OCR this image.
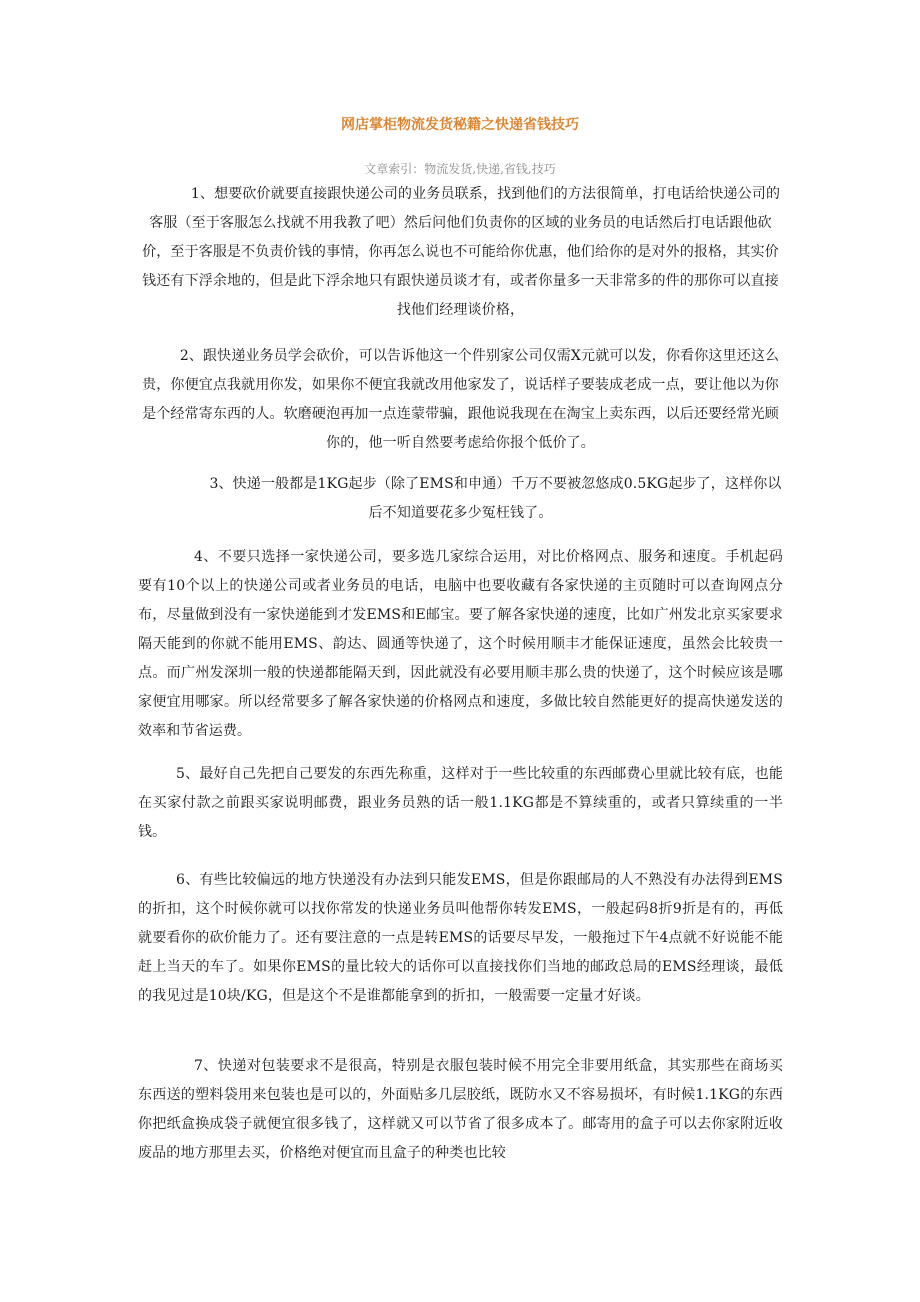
网店掌柜物流发货秘籍之快递省钱技巧
文章索引：物流发货,快递,省钱,技巧

1、想要砍价就要直接跟快递公司的业务员联系，找到他们的方法很简单，打电话给快递公司的客服（至于客服怎么找就不用我教了吧）然后问他们负责你的区域的业务员的电话然后打电话跟他砍价，至于客服是不负责价钱的事情，你再怎么说也不可能给你优惠，他们给你的是对外的报格，其实价钱还有下浮余地的，但是此下浮余地只有跟快递员谈才有，或者你量多一天非常多的件的那你可以直接找他们经理谈价格，

2、跟快递业务员学会砍价，可以告诉他这一个件别家公司仅需X元就可以发，你看你这里还这么贵，你便宜点我就用你发，如果你不便宜我就改用他家发了，说话样子要装成老成一点，要让他以为你是个经常寄东西的人。软磨硬泡再加一点连蒙带骗，跟他说我现在在淘宝上卖东西，以后还要经常光顾你的，他一听自然要考虑给你报个低价了。

3、快递一般都是1KG起步（除了EMS和申通）千万不要被忽悠成0.5KG起步了，这样你以后不知道要花多少冤枉钱了。

4、不要只选择一家快递公司，要多选几家综合运用，对比价格网点、服务和速度。手机起码要有10个以上的快递公司或者业务员的电话，电脑中也要收藏有各家快递的主页随时可以查询网点分布，尽量做到没有一家快递能到才发EMS和E邮宝。要了解各家快递的速度，比如广州发北京买家要求隔天能到的你就不能用EMS、韵达、圆通等快递了，这个时候用顺丰才能保证速度，虽然会比较贵一点。而广州发深圳一般的快递都能隔天到，因此就没有必要用顺丰那么贵的快递了，这个时候应该是哪家便宜用哪家。所以经常要多了解各家快递的价格网点和速度，多做比较自然能更好的提高快递发送的效率和节省运费。

5、最好自己先把自己要发的东西先称重，这样对于一些比较重的东西邮费心里就比较有底，也能在买家付款之前跟买家说明邮费，跟业务员熟的话一般1.1KG都是不算续重的，或者只算续重的一半钱。

6、有些比较偏远的地方快递没有办法到只能发EMS，但是你跟邮局的人不熟没有办法得到EMS的折扣，这个时候你就可以找你常发的快递业务员叫他帮你转发EMS，一般起码8折9折是有的，再低就要看你的砍价能力了。还有要注意的一点是转EMS的话要尽早发，一般拖过下午4点就不好说能不能赶上当天的车了。如果你EMS的量比较大的话你可以直接找你们当地的邮政总局的EMS经理谈，最低的我见过是10块/KG，但是这个不是谁都能拿到的折扣，一般需要一定量才好谈。

7、快递对包装要求不是很高，特别是衣服包装时候不用完全非要用纸盒，其实那些在商场买东西送的塑料袋用来包装也是可以的，外面贴多几层胶纸，既防水又不容易损坏，有时候1.1KG的东西你把纸盒换成袋子就便宜很多钱了，这样就又可以节省了很多成本了。邮寄用的盒子可以去你家附近收废品的地方那里去买，价格绝对便宜而且盒子的种类也比较
